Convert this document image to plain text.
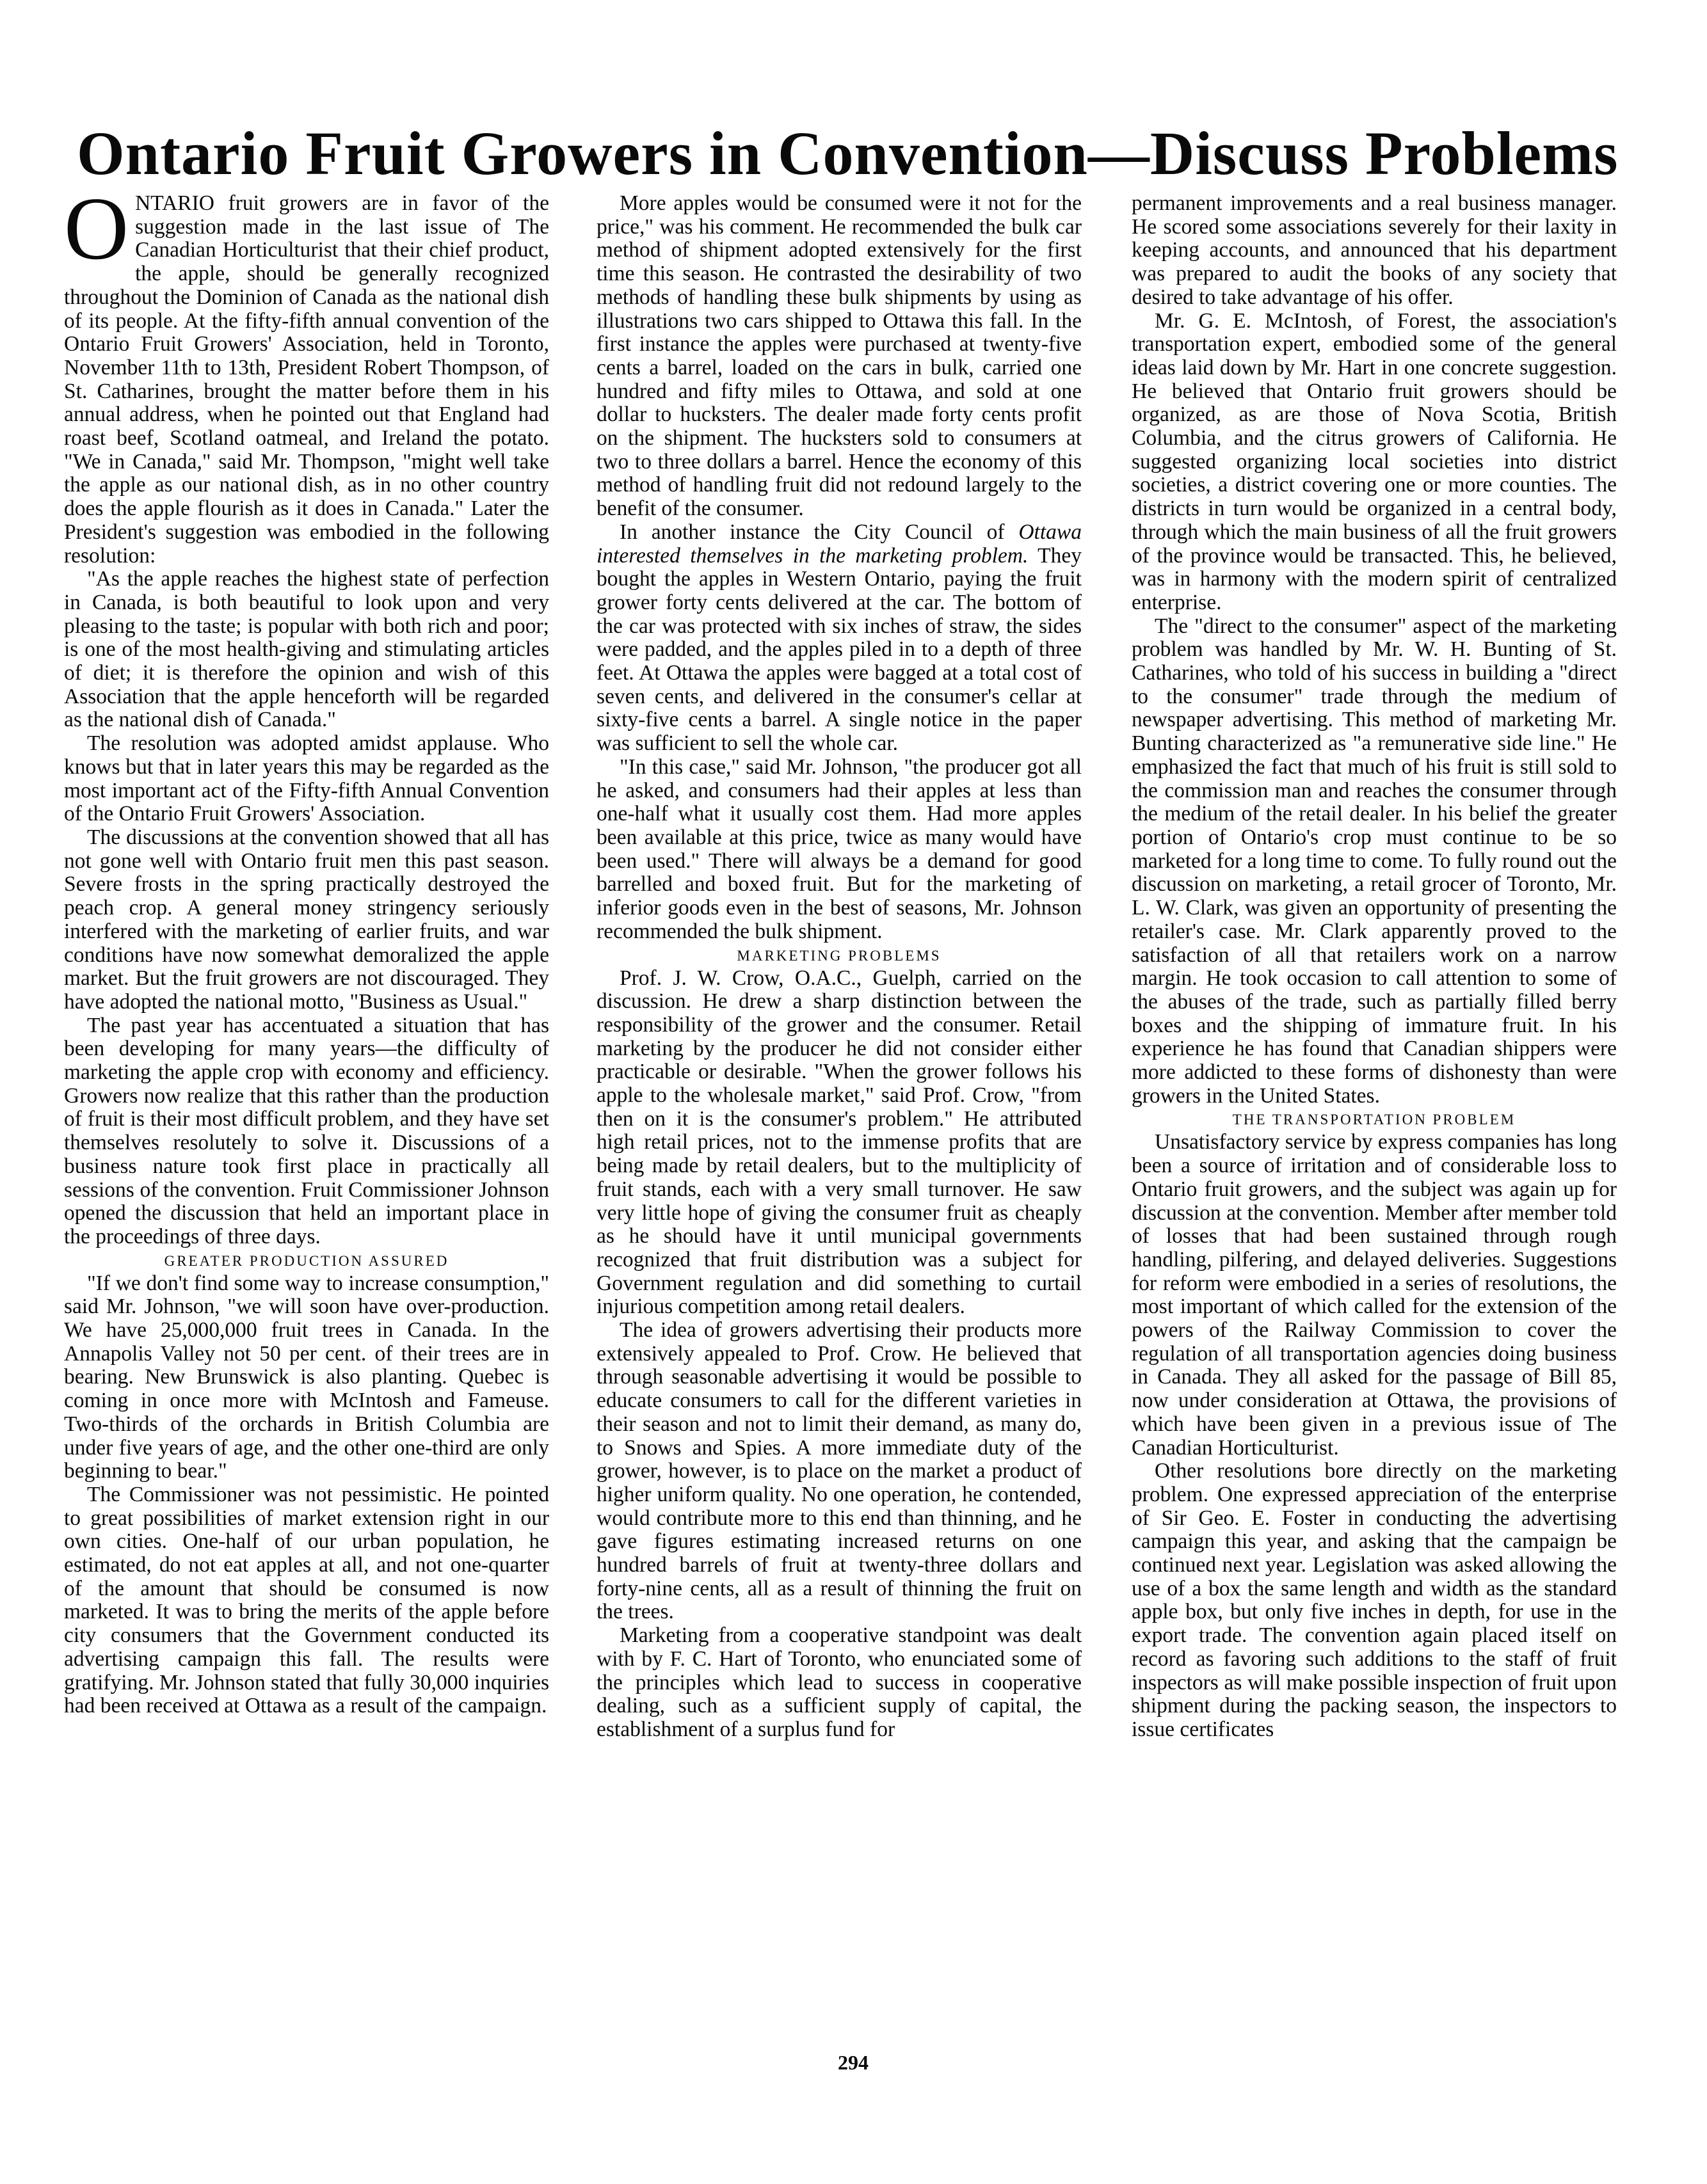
Ontario Fruit Growers in Convention—Discuss Problems

ONTARIO fruit growers are in favor of the suggestion made in the last issue of The Canadian Horticulturist that their chief product, the apple, should be generally recognized throughout the Dominion of Canada as the national dish of its people. At the fifty-fifth annual convention of the Ontario Fruit Growers' Association, held in Toronto, November 11th to 13th, President Robert Thompson, of St. Catharines, brought the matter before them in his annual address, when he pointed out that England had roast beef, Scotland oatmeal, and Ireland the potato. "We in Canada," said Mr. Thompson, "might well take the apple as our national dish, as in no other country does the apple flourish as it does in Canada." Later the President's suggestion was embodied in the following resolution:

"As the apple reaches the highest state of perfection in Canada, is both beautiful to look upon and very pleasing to the taste; is popular with both rich and poor; is one of the most health-giving and stimulating articles of diet; it is therefore the opinion and wish of this Association that the apple henceforth will be regarded as the national dish of Canada."

The resolution was adopted amidst applause. Who knows but that in later years this may be regarded as the most important act of the Fifty-fifth Annual Convention of the Ontario Fruit Growers' Association.

The discussions at the convention showed that all has not gone well with Ontario fruit men this past season. Severe frosts in the spring practically destroyed the peach crop. A general money stringency seriously interfered with the marketing of earlier fruits, and war conditions have now somewhat demoralized the apple market. But the fruit growers are not discouraged. They have adopted the national motto, "Business as Usual."

The past year has accentuated a situation that has been developing for many years—the difficulty of marketing the apple crop with economy and efficiency. Growers now realize that this rather than the production of fruit is their most difficult problem, and they have set themselves resolutely to solve it. Discussions of a business nature took first place in practically all sessions of the convention. Fruit Commissioner Johnson opened the discussion that held an important place in the proceedings of three days.

GREATER PRODUCTION ASSURED

"If we don't find some way to increase consumption," said Mr. Johnson, "we will soon have over-production. We have 25,000,000 fruit trees in Canada. In the Annapolis Valley not 50 per cent. of their trees are in bearing. New Brunswick is also planting. Quebec is coming in once more with McIntosh and Fameuse. Two-thirds of the orchards in British Columbia are under five years of age, and the other one-third are only beginning to bear."

The Commissioner was not pessimistic. He pointed to great possibilities of market extension right in our own cities. One-half of our urban population, he estimated, do not eat apples at all, and not one-quarter of the amount that should be consumed is now marketed. It was to bring the merits of the apple before city consumers that the Government conducted its advertising campaign this fall. The results were gratifying. Mr. Johnson stated that fully 30,000 inquiries had been received at Ottawa as a result of the campaign.

More apples would be consumed were it not for the price," was his comment. He recommended the bulk car method of shipment adopted extensively for the first time this season. He contrasted the desirability of two methods of handling these bulk shipments by using as illustrations two cars shipped to Ottawa this fall. In the first instance the apples were purchased at twenty-five cents a barrel, loaded on the cars in bulk, carried one hundred and fifty miles to Ottawa, and sold at one dollar to hucksters. The dealer made forty cents profit on the shipment. The hucksters sold to consumers at two to three dollars a barrel. Hence the economy of this method of handling fruit did not redound largely to the benefit of the consumer.

In another instance the City Council of Ottawa interested themselves in the marketing problem. They bought the apples in Western Ontario, paying the fruit grower forty cents delivered at the car. The bottom of the car was protected with six inches of straw, the sides were padded, and the apples piled in to a depth of three feet. At Ottawa the apples were bagged at a total cost of seven cents, and delivered in the consumer's cellar at sixty-five cents a barrel. A single notice in the paper was sufficient to sell the whole car.

"In this case," said Mr. Johnson, "the producer got all he asked, and consumers had their apples at less than one-half what it usually cost them. Had more apples been available at this price, twice as many would have been used." There will always be a demand for good barrelled and boxed fruit. But for the marketing of inferior goods even in the best of seasons, Mr. Johnson recommended the bulk shipment.

MARKETING PROBLEMS

Prof. J. W. Crow, O.A.C., Guelph, carried on the discussion. He drew a sharp distinction between the responsibility of the grower and the consumer. Retail marketing by the producer he did not consider either practicable or desirable. "When the grower follows his apple to the wholesale market," said Prof. Crow, "from then on it is the consumer's problem." He attributed high retail prices, not to the immense profits that are being made by retail dealers, but to the multiplicity of fruit stands, each with a very small turnover. He saw very little hope of giving the consumer fruit as cheaply as he should have it until municipal governments recognized that fruit distribution was a subject for Government regulation and did something to curtail injurious competition among retail dealers.

The idea of growers advertising their products more extensively appealed to Prof. Crow. He believed that through seasonable advertising it would be possible to educate consumers to call for the different varieties in their season and not to limit their demand, as many do, to Snows and Spies. A more immediate duty of the grower, however, is to place on the market a product of higher uniform quality. No one operation, he contended, would contribute more to this end than thinning, and he gave figures estimating increased returns on one hundred barrels of fruit at twenty-three dollars and forty-nine cents, all as a result of thinning the fruit on the trees.

Marketing from a cooperative standpoint was dealt with by F. C. Hart of Toronto, who enunciated some of the principles which lead to success in cooperative dealing, such as a sufficient supply of capital, the establishment of a surplus fund for

permanent improvements and a real business manager. He scored some associations severely for their laxity in keeping accounts, and announced that his department was prepared to audit the books of any society that desired to take advantage of his offer.

Mr. G. E. McIntosh, of Forest, the association's transportation expert, embodied some of the general ideas laid down by Mr. Hart in one concrete suggestion. He believed that Ontario fruit growers should be organized, as are those of Nova Scotia, British Columbia, and the citrus growers of California. He suggested organizing local societies into district societies, a district covering one or more counties. The districts in turn would be organized in a central body, through which the main business of all the fruit growers of the province would be transacted. This, he believed, was in harmony with the modern spirit of centralized enterprise.

The "direct to the consumer" aspect of the marketing problem was handled by Mr. W. H. Bunting of St. Catharines, who told of his success in building a "direct to the consumer" trade through the medium of newspaper advertising. This method of marketing Mr. Bunting characterized as "a remunerative side line." He emphasized the fact that much of his fruit is still sold to the commission man and reaches the consumer through the medium of the retail dealer. In his belief the greater portion of Ontario's crop must continue to be so marketed for a long time to come. To fully round out the discussion on marketing, a retail grocer of Toronto, Mr. L. W. Clark, was given an opportunity of presenting the retailer's case. Mr. Clark apparently proved to the satisfaction of all that retailers work on a narrow margin. He took occasion to call attention to some of the abuses of the trade, such as partially filled berry boxes and the shipping of immature fruit. In his experience he has found that Canadian shippers were more addicted to these forms of dishonesty than were growers in the United States.

THE TRANSPORTATION PROBLEM

Unsatisfactory service by express companies has long been a source of irritation and of considerable loss to Ontario fruit growers, and the subject was again up for discussion at the convention. Member after member told of losses that had been sustained through rough handling, pilfering, and delayed deliveries. Suggestions for reform were embodied in a series of resolutions, the most important of which called for the extension of the powers of the Railway Commission to cover the regulation of all transportation agencies doing business in Canada. They all asked for the passage of Bill 85, now under consideration at Ottawa, the provisions of which have been given in a previous issue of The Canadian Horticulturist.

Other resolutions bore directly on the marketing problem. One expressed appreciation of the enterprise of Sir Geo. E. Foster in conducting the advertising campaign this year, and asking that the campaign be continued next year. Legislation was asked allowing the use of a box the same length and width as the standard apple box, but only five inches in depth, for use in the export trade. The convention again placed itself on record as favoring such additions to the staff of fruit inspectors as will make possible inspection of fruit upon shipment during the packing season, the inspectors to issue certificates

294
